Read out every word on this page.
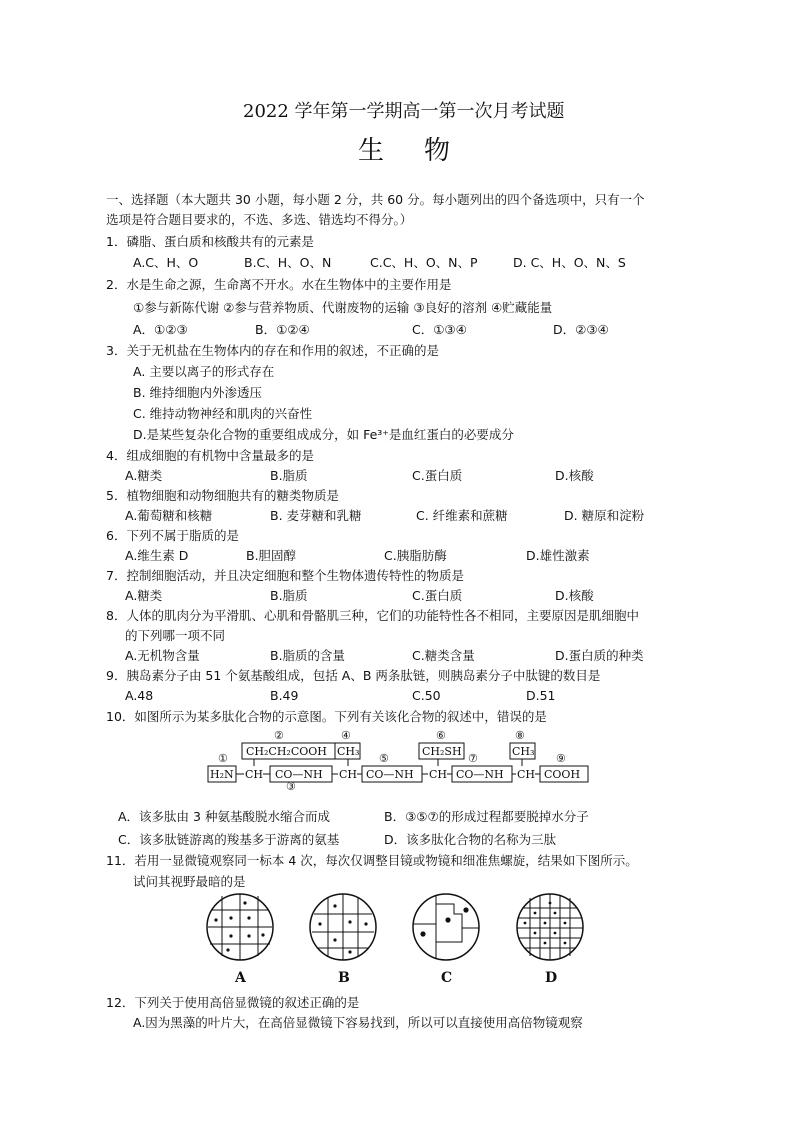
2022 学年第一学期高一第一次月考试题
生物
一、选择题（本大题共 30 小题，每小题 2 分，共 60 分。每小题列出的四个备选项中，只有一个
选项是符合题目要求的，不选、多选、错选均不得分。）
1．磷脂、蛋白质和核酸共有的元素是
A.C、H、O	B.C、H、O、N	C.C、H、O、N、P	D. C、H、O、N、S
2．水是生命之源，生命离不开水。水在生物体中的主要作用是
①参与新陈代谢 ②参与营养物质、代谢废物的运输 ③良好的溶剂 ④贮藏能量
A．①②③	B．①②④	C．①③④	D．②③④
3．关于无机盐在生物体内的存在和作用的叙述，不正确的是
A. 主要以离子的形式存在
B. 维持细胞内外渗透压
C. 维持动物神经和肌肉的兴奋性
D.是某些复杂化合物的重要组成成分，如 Fe³⁺是血红蛋白的必要成分
4．组成细胞的有机物中含量最多的是
A.糖类	B.脂质	C.蛋白质	D.核酸
5．植物细胞和动物细胞共有的糖类物质是
A.葡萄糖和核糖	B. 麦芽糖和乳糖	C. 纤维素和蔗糖	D. 糖原和淀粉
6．下列不属于脂质的是
A.维生素 D	B.胆固醇	C.胰脂肪酶	D.雄性激素
7．控制细胞活动，并且决定细胞和整个生物体遗传特性的物质是
A.糖类	B.脂质	C.蛋白质	D.核酸
8．人体的肌肉分为平滑肌、心肌和骨骼肌三种，它们的功能特性各不相同，主要原因是肌细胞中
的下列哪一项不同
A.无机物含量	B.脂质的含量	C.糖类含量	D.蛋白质的种类
9．胰岛素分子由 51 个氨基酸组成，包括 A、B 两条肽链，则胰岛素分子中肽键的数目是
A.48	B.49	C.50	D.51
10．如图所示为某多肽化合物的示意图。下列有关该化合物的叙述中，错误的是
①
②
③
④
⑤
⑥
⑦
⑧
⑨
CH₂CH₂COOH CH₃	CH₂SH	CH₃
H₂N CH CO—NH CH CO—NH CH CO—NH CH COOH
A．该多肽由 3 种氨基酸脱水缩合而成	B．③⑤⑦的形成过程都要脱掉水分子
C．该多肽链游离的羧基多于游离的氨基	D．该多肽化合物的名称为三肽
11．若用一显微镜观察同一标本 4 次，每次仅调整目镜或物镜和细准焦螺旋，结果如下图所示。
试问其视野最暗的是
A	B	C	D
12．下列关于使用高倍显微镜的叙述正确的是
A.因为黑藻的叶片大，在高倍显微镜下容易找到，所以可以直接使用高倍物镜观察
